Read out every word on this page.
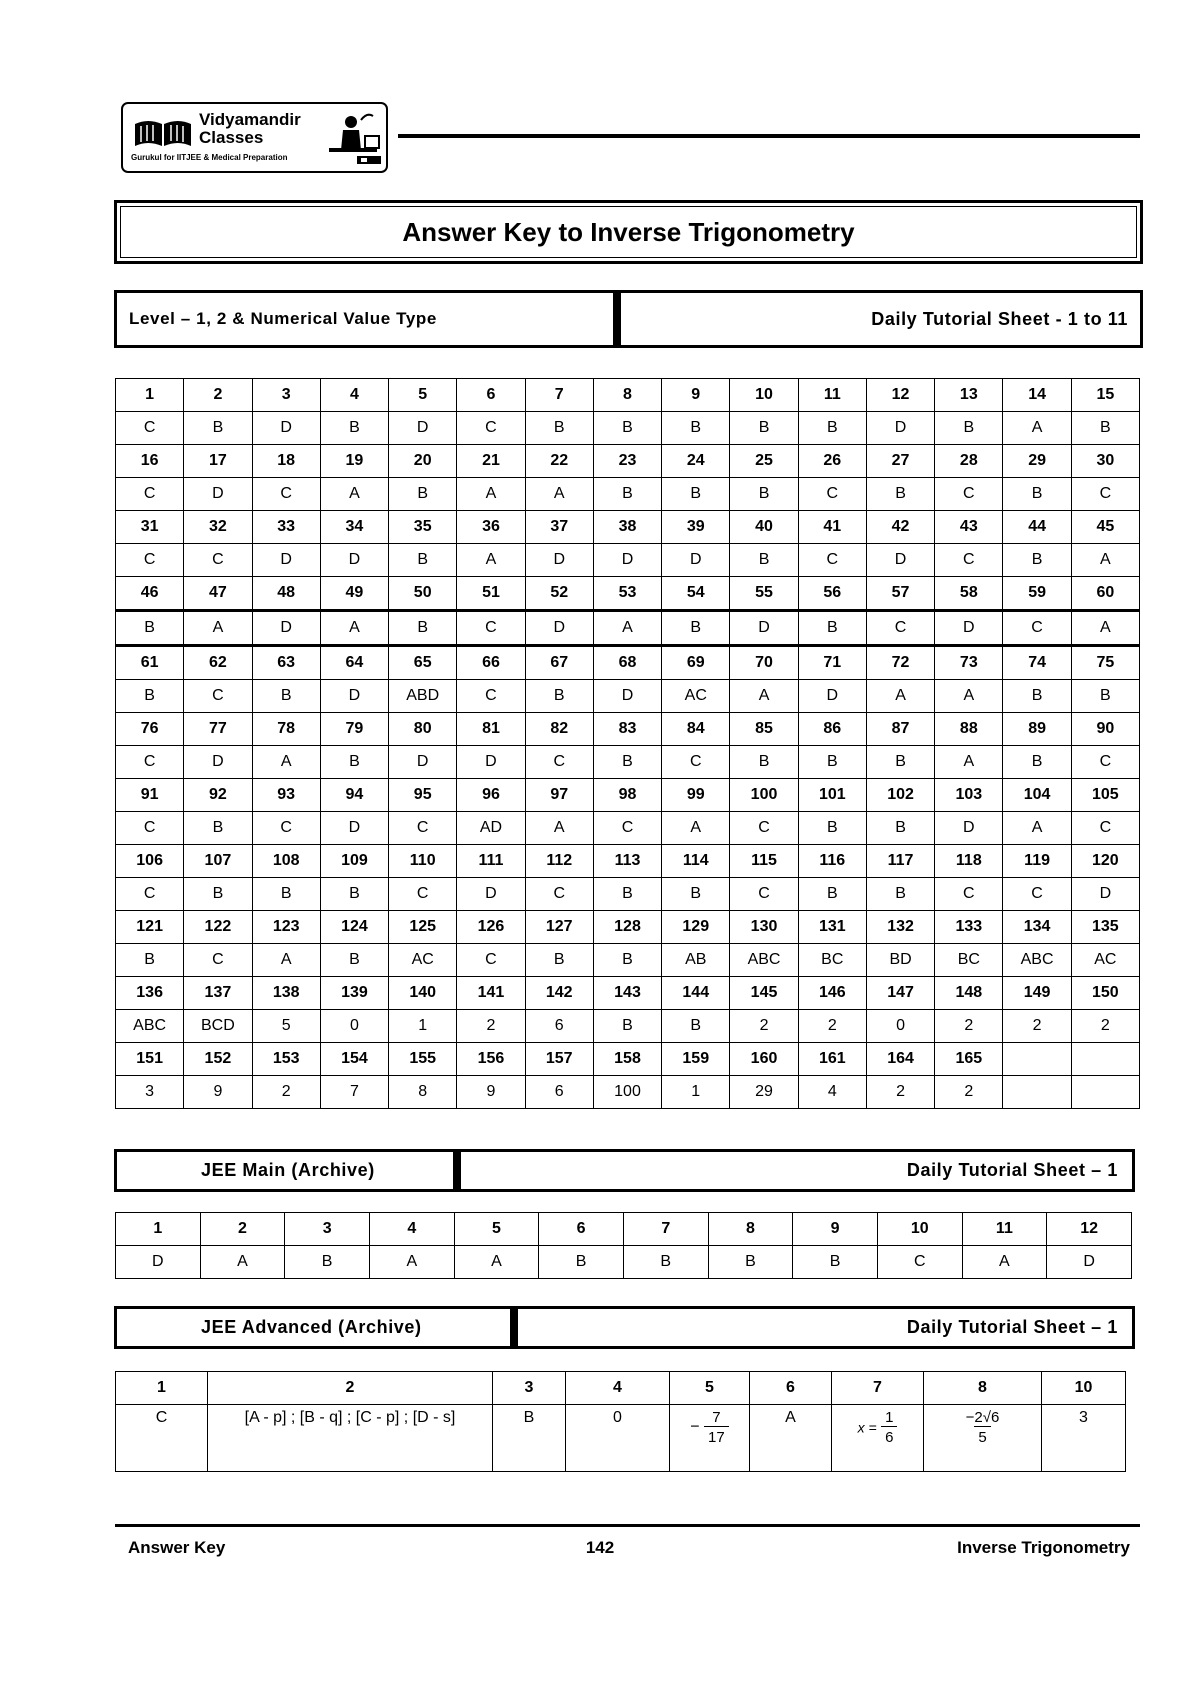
Vidyamandir
Classes
Gurukul for IITJEE & Medical Preparation
Answer Key to Inverse Trigonometry
Level – 1, 2 & Numerical Value Type	Daily Tutorial Sheet - 1 to 11
1	2	3	4	5	6	7	8	9	10	11	12	13	14	15
C	B	D	B	D	C	B	B	B	B	B	D	B	A	B
16	17	18	19	20	21	22	23	24	25	26	27	28	29	30
C	D	C	A	B	A	A	B	B	B	C	B	C	B	C
31	32	33	34	35	36	37	38	39	40	41	42	43	44	45
C	C	D	D	B	A	D	D	D	B	C	D	C	B	A
46	47	48	49	50	51	52	53	54	55	56	57	58	59	60
B	A	D	A	B	C	D	A	B	D	B	C	D	C	A
61	62	63	64	65	66	67	68	69	70	71	72	73	74	75
B	C	B	D	ABD	C	B	D	AC	A	D	A	A	B	B
76	77	78	79	80	81	82	83	84	85	86	87	88	89	90
C	D	A	B	D	D	C	B	C	B	B	B	A	B	C
91	92	93	94	95	96	97	98	99	100	101	102	103	104	105
C	B	C	D	C	AD	A	C	A	C	B	B	D	A	C
106	107	108	109	110	111	112	113	114	115	116	117	118	119	120
C	B	B	B	C	D	C	B	B	C	B	B	C	C	D
121	122	123	124	125	126	127	128	129	130	131	132	133	134	135
B	C	A	B	AC	C	B	B	AB	ABC	BC	BD	BC	ABC	AC
136	137	138	139	140	141	142	143	144	145	146	147	148	149	150
ABC	BCD	5	0	1	2	6	B	B	2	2	0	2	2	2
151	152	153	154	155	156	157	158	159	160	161	164	165		
3	9	2	7	8	9	6	100	1	29	4	2	2		
JEE Main (Archive)	Daily Tutorial Sheet – 1
1	2	3	4	5	6	7	8	9	10	11	12
D	A	B	A	A	B	B	B	B	C	A	D
JEE Advanced (Archive)	Daily Tutorial Sheet – 1
1	2	3	4	5	6	7	8	10
C	[A - p] ; [B - q] ; [C - p] ; [D - s]	B	0	− $\frac{7}{17}$	A	$x = \frac{1}{6}$	$\frac{-2√6}{5}$	3
Answer Key	142	Inverse Trigonometry
